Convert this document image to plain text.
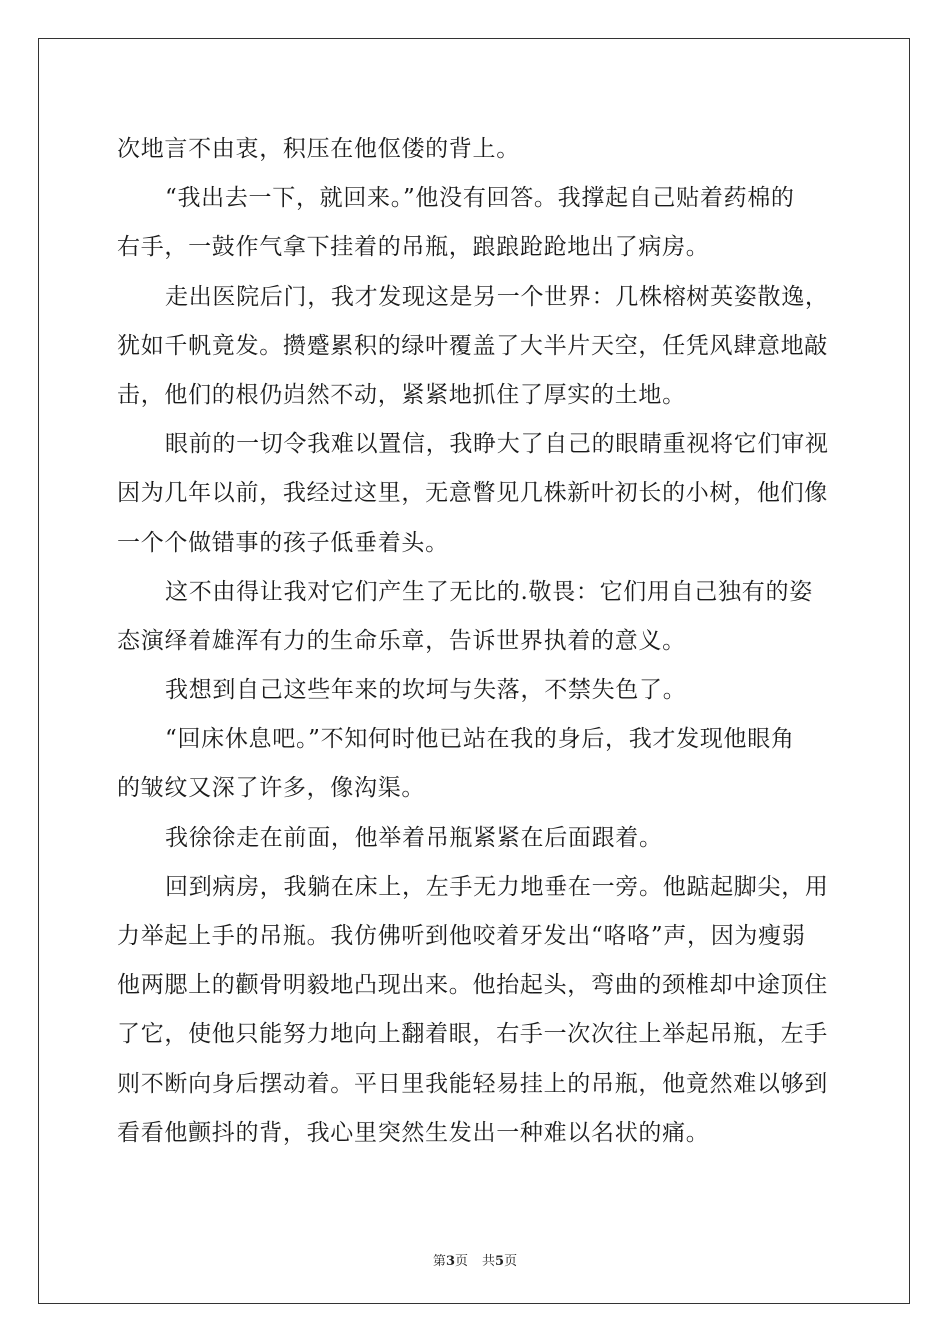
次地言不由衷，积压在他伛偻的背上。
“我出去一下，就回来。”他没有回答。我撑起自己贴着药棉的
右手，一鼓作气拿下挂着的吊瓶，踉踉跄跄地出了病房。
走出医院后门，我才发现这是另一个世界：几株榕树英姿散逸，
犹如千帆竟发。攒蹙累积的绿叶覆盖了大半片天空，任凭风肆意地敲
击，他们的根仍岿然不动，紧紧地抓住了厚实的土地。
眼前的一切令我难以置信，我睁大了自己的眼睛重视将它们审视
因为几年以前，我经过这里，无意瞥见几株新叶初长的小树，他们像
一个个做错事的孩子低垂着头。
这不由得让我对它们产生了无比的.敬畏：它们用自己独有的姿
态演绎着雄浑有力的生命乐章，告诉世界执着的意义。
我想到自己这些年来的坎坷与失落，不禁失色了。
“回床休息吧。”不知何时他已站在我的身后，我才发现他眼角
的皱纹又深了许多，像沟渠。
我徐徐走在前面，他举着吊瓶紧紧在后面跟着。
回到病房，我躺在床上，左手无力地垂在一旁。他踮起脚尖，用
力举起上手的吊瓶。我仿佛听到他咬着牙发出“咯咯”声，因为瘦弱
他两腮上的颧骨明毅地凸现出来。他抬起头，弯曲的颈椎却中途顶住
了它，使他只能努力地向上翻着眼，右手一次次往上举起吊瓶，左手
则不断向身后摆动着。平日里我能轻易挂上的吊瓶，他竟然难以够到
看看他颤抖的背，我心里突然生发出一种难以名状的痛。
第3页 共5页
